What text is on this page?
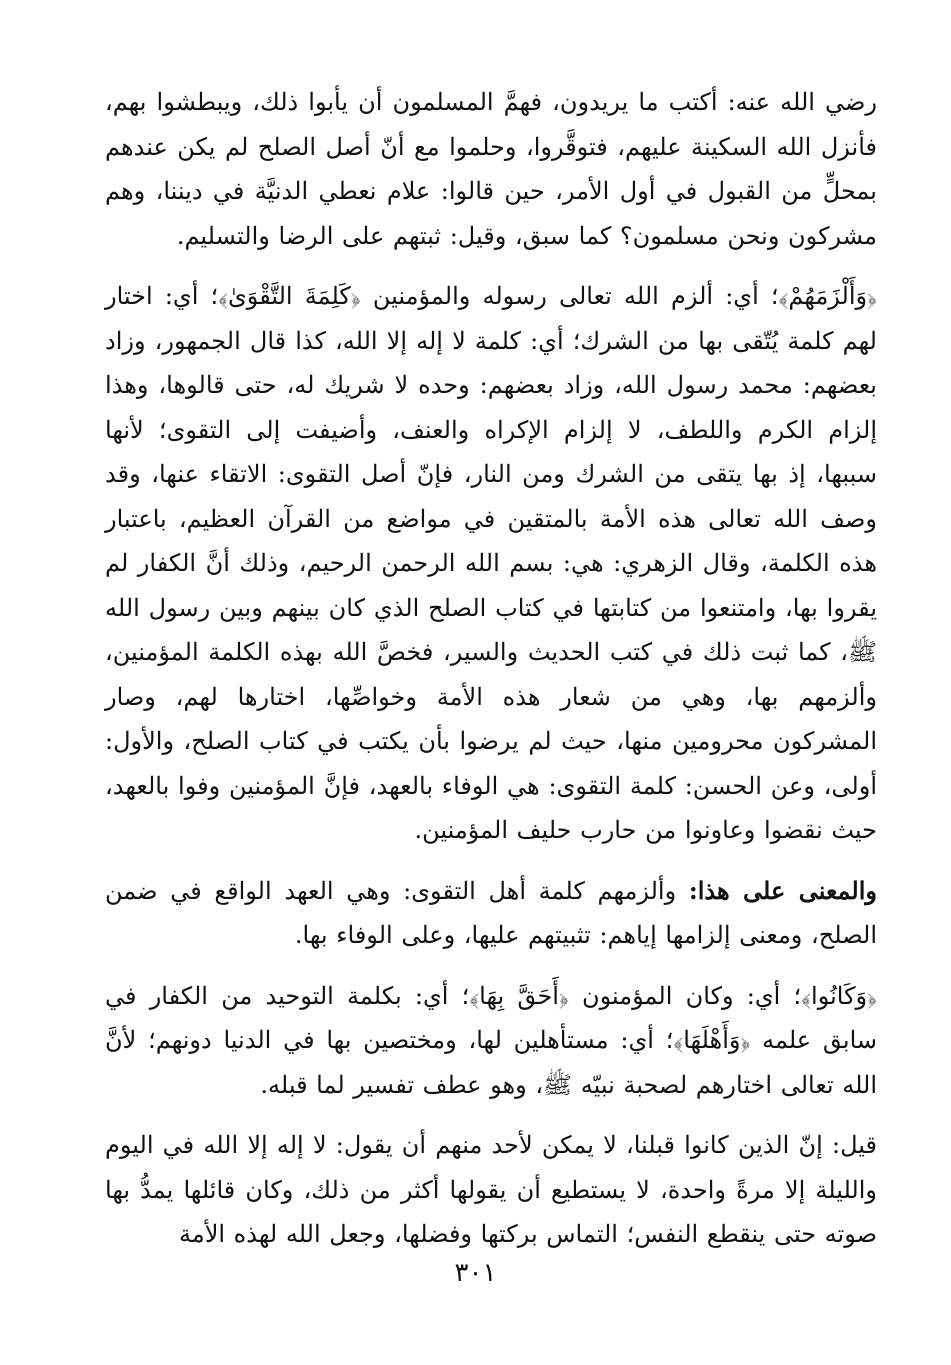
رضي الله عنه: أكتب ما يريدون، فهمَّ المسلمون أن يأبوا ذلك، ويبطشوا بهم، فأنزل الله السكينة عليهم، فتوقَّروا، وحلموا مع أنّ أصل الصلح لم يكن عندهم بمحلٍّ من القبول في أول الأمر، حين قالوا: علام نعطي الدنيَّة في ديننا، وهم مشركون ونحن مسلمون؟ كما سبق، وقيل: ثبتهم على الرضا والتسليم.

﴿وَأَلْزَمَهُمْ﴾؛ أي: ألزم الله تعالى رسوله والمؤمنين ﴿كَلِمَةَ التَّقْوَىٰ﴾؛ أي: اختار لهم كلمة يُتّقى بها من الشرك؛ أي: كلمة لا إله إلا الله، كذا قال الجمهور، وزاد بعضهم: محمد رسول الله، وزاد بعضهم: وحده لا شريك له، حتى قالوها، وهذا إلزام الكرم واللطف، لا إلزام الإكراه والعنف، وأضيفت إلى التقوى؛ لأنها سببها، إذ بها يتقى من الشرك ومن النار، فإنّ أصل التقوى: الاتقاء عنها، وقد وصف الله تعالى هذه الأمة بالمتقين في مواضع من القرآن العظيم، باعتبار هذه الكلمة، وقال الزهري: هي: بسم الله الرحمن الرحيم، وذلك أنَّ الكفار لم يقروا بها، وامتنعوا من كتابتها في كتاب الصلح الذي كان بينهم وبين رسول الله ﷺ، كما ثبت ذلك في كتب الحديث والسير، فخصَّ الله بهذه الكلمة المؤمنين، وألزمهم بها، وهي من شعار هذه الأمة وخواصِّها، اختارها لهم، وصار المشركون محرومين منها، حيث لم يرضوا بأن يكتب في كتاب الصلح، والأول: أولى، وعن الحسن: كلمة التقوى: هي الوفاء بالعهد، فإنَّ المؤمنين وفوا بالعهد، حيث نقضوا وعاونوا من حارب حليف المؤمنين.

والمعنى على هذا: وألزمهم كلمة أهل التقوى: وهي العهد الواقع في ضمن الصلح، ومعنى إلزامها إياهم: تثبيتهم عليها، وعلى الوفاء بها.

﴿وَكَانُوا﴾؛ أي: وكان المؤمنون ﴿أَحَقَّ بِهَا﴾؛ أي: بكلمة التوحيد من الكفار في سابق علمه ﴿وَأَهْلَهَا﴾؛ أي: مستأهلين لها، ومختصين بها في الدنيا دونهم؛ لأنَّ الله تعالى اختارهم لصحبة نبيّه ﷺ، وهو عطف تفسير لما قبله.

قيل: إنّ الذين كانوا قبلنا، لا يمكن لأحد منهم أن يقول: لا إله إلا الله في اليوم والليلة إلا مرةً واحدة، لا يستطيع أن يقولها أكثر من ذلك، وكان قائلها يمدُّ بها صوته حتى ينقطع النفس؛ التماس بركتها وفضلها، وجعل الله لهذه الأمة

٣٠١
